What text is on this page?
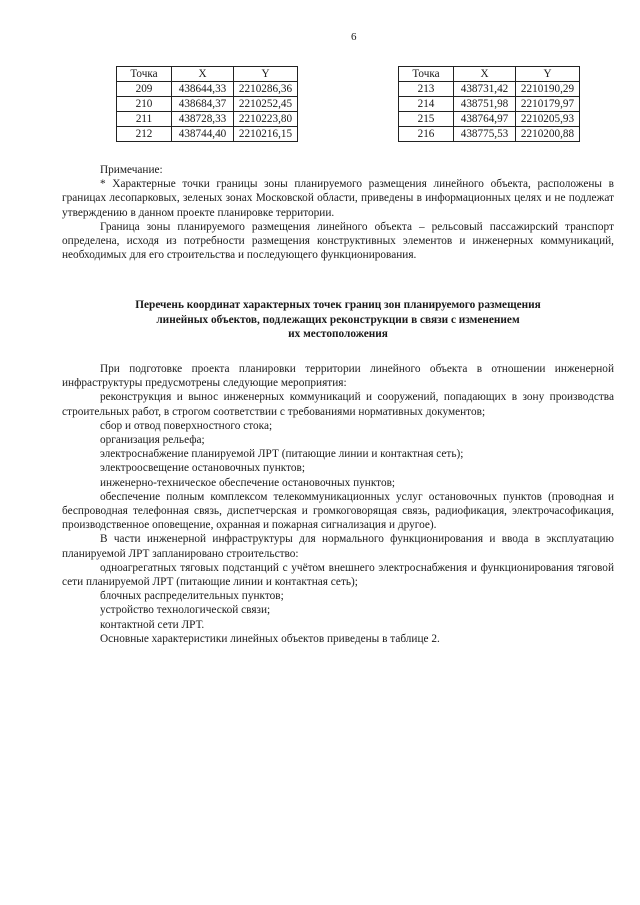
6
Точка	X	Y
209	438644,33	2210286,36
210	438684,37	2210252,45
211	438728,33	2210223,80
212	438744,40	2210216,15
Точка	X	Y
213	438731,42	2210190,29
214	438751,98	2210179,97
215	438764,97	2210205,93
216	438775,53	2210200,88

Примечание:

* Характерные точки границы зоны планируемого размещения линейного объекта, расположены в границах лесопарковых, зеленых зонах Московской области, приведены в информационных целях и не подлежат утверждению в данном проекте планировке территории.

Граница зоны планируемого размещения линейного объекта – рельсовый пассажирский транспорт определена, исходя из потребности размещения конструктивных элементов и инженерных коммуникаций, необходимых для его строительства и последующего функционирования.

Перечень координат характерных точек границ зон планируемого размещения

линейных объектов, подлежащих реконструкции в связи с изменением

их местоположения

При подготовке проекта планировки территории линейного объекта в отношении инженерной инфраструктуры предусмотрены следующие мероприятия:

реконструкция и вынос инженерных коммуникаций и сооружений, попадающих в зону производства строительных работ, в строгом соответствии с требованиями нормативных документов;

сбор и отвод поверхностного стока;

организация рельефа;

электроснабжение планируемой ЛРТ (питающие линии и контактная сеть);

электроосвещение остановочных пунктов;

инженерно-техническое обеспечение остановочных пунктов;

обеспечение полным комплексом телекоммуникационных услуг остановочных пунктов (проводная и беспроводная телефонная связь, диспетчерская и громкоговорящая связь, радиофикация, электрочасофикация, производственное оповещение, охранная и пожарная сигнализация и другое).

В части инженерной инфраструктуры для нормального функционирования и ввода в эксплуатацию планируемой ЛРТ запланировано строительство:

одноагрегатных тяговых подстанций с учётом внешнего электроснабжения и функционирования тяговой сети планируемой ЛРТ (питающие линии и контактная сеть);

блочных распределительных пунктов;

устройство технологической связи;

контактной сети ЛРТ.

Основные характеристики линейных объектов приведены в таблице 2.
